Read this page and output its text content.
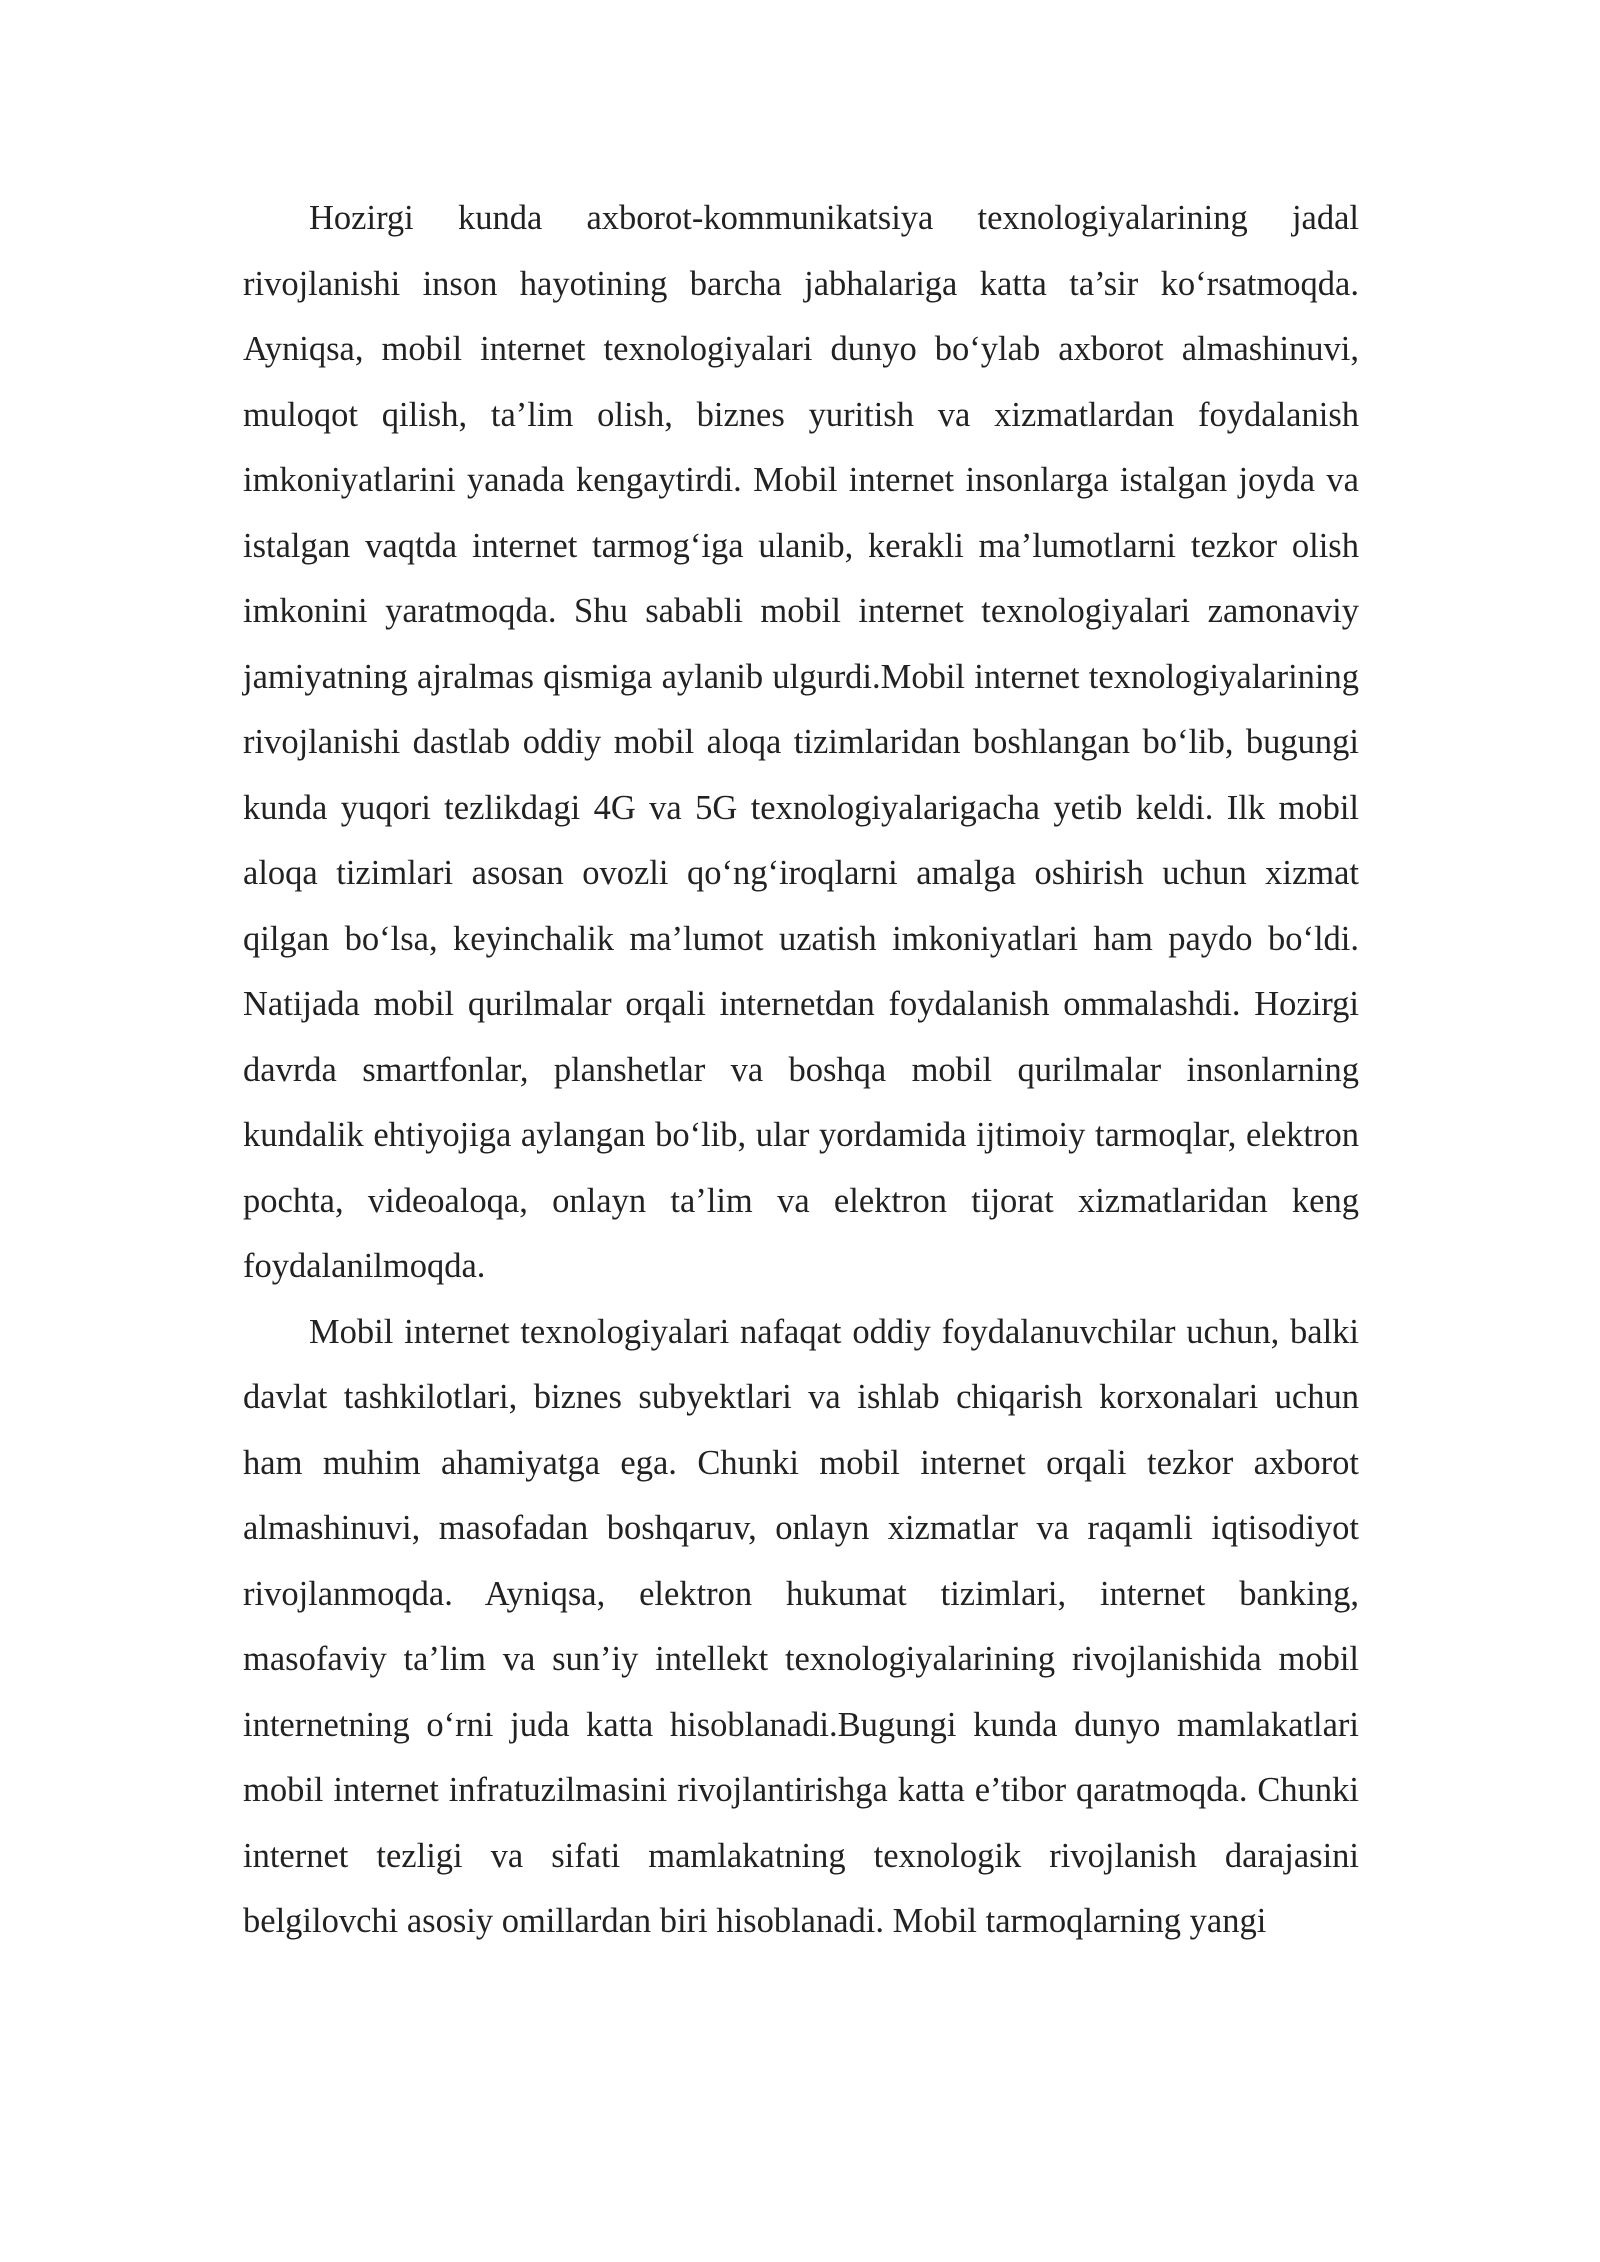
Hozirgi kunda axborot-kommunikatsiya texnologiyalarining jadal rivojlanishi inson hayotining barcha jabhalariga katta ta’sir ko‘rsatmoqda. Ayniqsa, mobil internet texnologiyalari dunyo bo‘ylab axborot almashinuvi, muloqot qilish, ta’lim olish, biznes yuritish va xizmatlardan foydalanish imkoniyatlarini yanada kengaytirdi. Mobil internet insonlarga istalgan joyda va istalgan vaqtda internet tarmog‘iga ulanib, kerakli ma’lumotlarni tezkor olish imkonini yaratmoqda. Shu sababli mobil internet texnologiyalari zamonaviy jamiyatning ajralmas qismiga aylanib ulgurdi.Mobil internet texnologiyalarining rivojlanishi dastlab oddiy mobil aloqa tizimlaridan boshlangan bo‘lib, bugungi kunda yuqori tezlikdagi 4G va 5G texnologiyalarigacha yetib keldi. Ilk mobil aloqa tizimlari asosan ovozli qo‘ng‘iroqlarni amalga oshirish uchun xizmat qilgan bo‘lsa, keyinchalik ma’lumot uzatish imkoniyatlari ham paydo bo‘ldi. Natijada mobil qurilmalar orqali internetdan foydalanish ommalashdi. Hozirgi davrda smartfonlar, planshetlar va boshqa mobil qurilmalar insonlarning kundalik ehtiyojiga aylangan bo‘lib, ular yordamida ijtimoiy tarmoqlar, elektron pochta, videoaloqa, onlayn ta’lim va elektron tijorat xizmatlaridan keng foydalanilmoqda.

Mobil internet texnologiyalari nafaqat oddiy foydalanuvchilar uchun, balki davlat tashkilotlari, biznes subyektlari va ishlab chiqarish korxonalari uchun ham muhim ahamiyatga ega. Chunki mobil internet orqali tezkor axborot almashinuvi, masofadan boshqaruv, onlayn xizmatlar va raqamli iqtisodiyot rivojlanmoqda. Ayniqsa, elektron hukumat tizimlari, internet banking, masofaviy ta’lim va sun’iy intellekt texnologiyalarining rivojlanishida mobil internetning o‘rni juda katta hisoblanadi.Bugungi kunda dunyo mamlakatlari mobil internet infratuzilmasini rivojlantirishga katta e’tibor qaratmoqda. Chunki internet tezligi va sifati mamlakatning texnologik rivojlanish darajasini belgilovchi asosiy omillardan biri hisoblanadi. Mobil tarmoqlarning yangi
